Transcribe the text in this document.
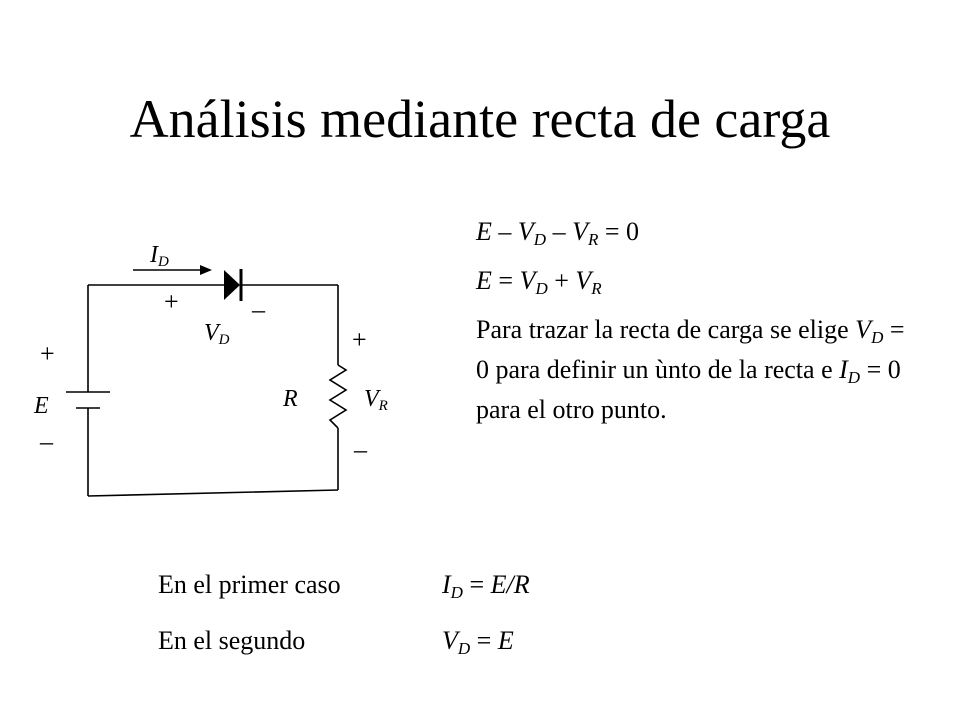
Análisis mediante recta de carga
+
E
–
ID
+	–
VD	+
R	VR
–
$E - V_D - V_R = 0$
$E = V_D + V_R$

Para trazar la recta de carga se elige $V_D = 0$ para definir un ùnto de la recta e $I_D = 0$ para el otro punto.

En el primer caso	$I_D = E/R$
En el segundo	$V_D = E$
